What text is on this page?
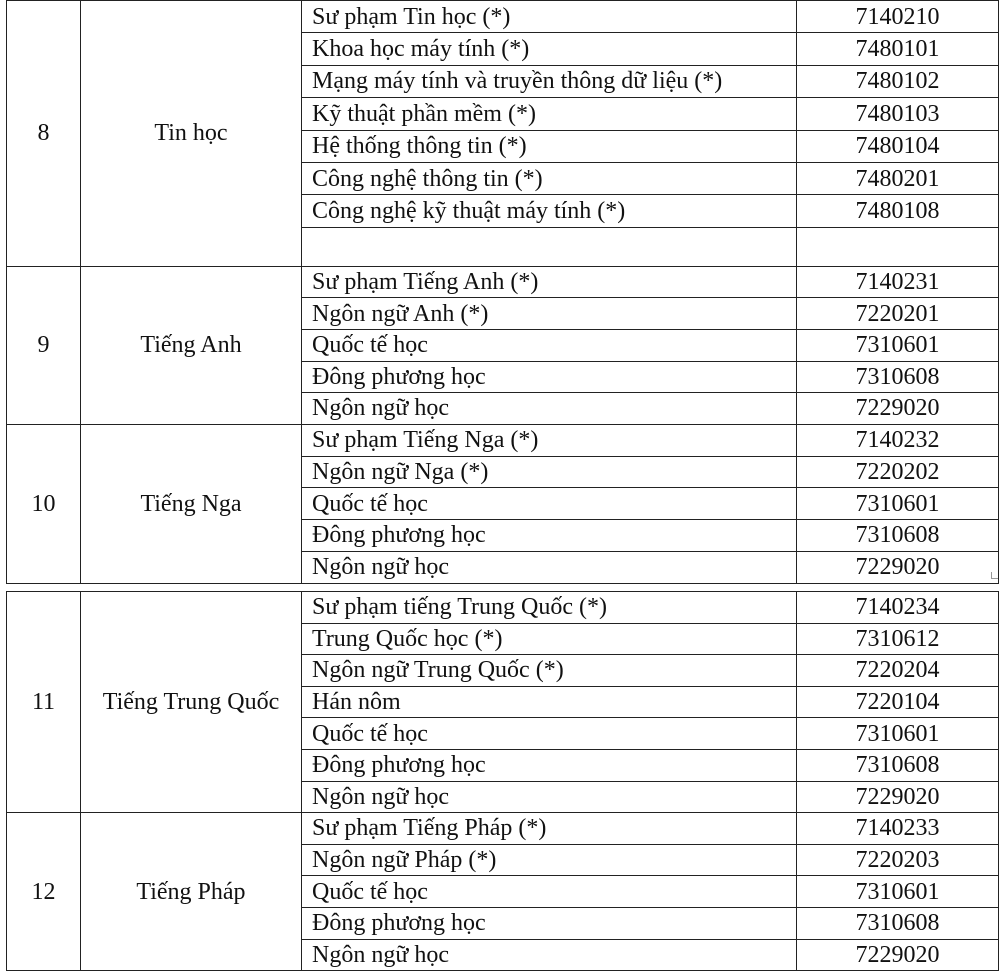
8	Tin học	Sư phạm Tin học (*)	7140210
		Khoa học máy tính (*)	7480101
		Mạng máy tính và truyền thông dữ liệu (*)	7480102
		Kỹ thuật phần mềm (*)	7480103
		Hệ thống thông tin (*)	7480104
		Công nghệ thông tin (*)	7480201
		Công nghệ kỹ thuật máy tính (*)	7480108

9	Tiếng Anh	Sư phạm Tiếng Anh (*)	7140231
		Ngôn ngữ Anh (*)	7220201
		Quốc tế học	7310601
		Đông phương học	7310608
		Ngôn ngữ học	7229020
10	Tiếng Nga	Sư phạm Tiếng Nga (*)	7140232
		Ngôn ngữ Nga (*)	7220202
		Quốc tế học	7310601
		Đông phương học	7310608
		Ngôn ngữ học	7229020
11	Tiếng Trung Quốc	Sư phạm tiếng Trung Quốc (*)	7140234
		Trung Quốc học (*)	7310612
		Ngôn ngữ Trung Quốc (*)	7220204
		Hán nôm	7220104
		Quốc tế học	7310601
		Đông phương học	7310608
		Ngôn ngữ học	7229020
12	Tiếng Pháp	Sư phạm Tiếng Pháp (*)	7140233
		Ngôn ngữ Pháp (*)	7220203
		Quốc tế học	7310601
		Đông phương học	7310608
		Ngôn ngữ học	7229020
